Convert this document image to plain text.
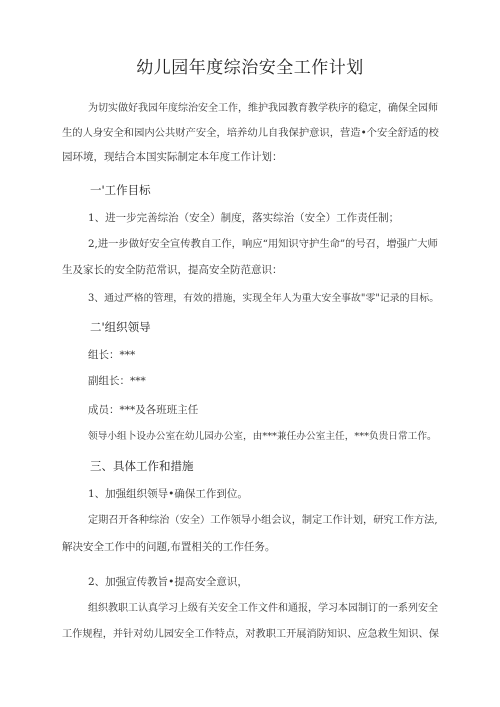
幼儿园年度综治安全工作计划
为切实做好我园年度综治安全工作，维护我园教育教学秩序的稳定，确保全园师
生的人身安全和园内公共财产安全，培养幼儿自我保护意识，营造•个安全舒适的校
园环境，现结合本国实际制定本年度工作计划：
一'工作目标
1、进一步完善综治（安全）制度，落实综治（安全）工作责任制；
2,进一步做好安全宣传教自工作，响应“用知识守护生命”的号召，增强广大师
生及家长的安全防范常识，提高安全防范意识：
3、通过严格的管理，有效的措施，实现全年人为重大安全事故"零"记录的目标。
二'组织领导
组长：***
副组长：***
成员：***及各班班主任
领导小组卜设办公室在幼儿园办公室，由***兼任办公室主任，***负贵日常工作。
三、具体工作和措施
1、加强组织领导•确保工作到位。
定期召开各种综治（安全）工作领导小组会议，制定工作计划，研究工作方法,
解决安全工作中的问题,布置相关的工作任务。
2、加强宣传教旨•提高安全意识，
组织教职工认真学习上级有关安全工作文件和通报，学习本园制订的一系列安全
工作规程，并针对幼儿园安全工作特点，对教职工开展消防知识、应急救生知识、保
